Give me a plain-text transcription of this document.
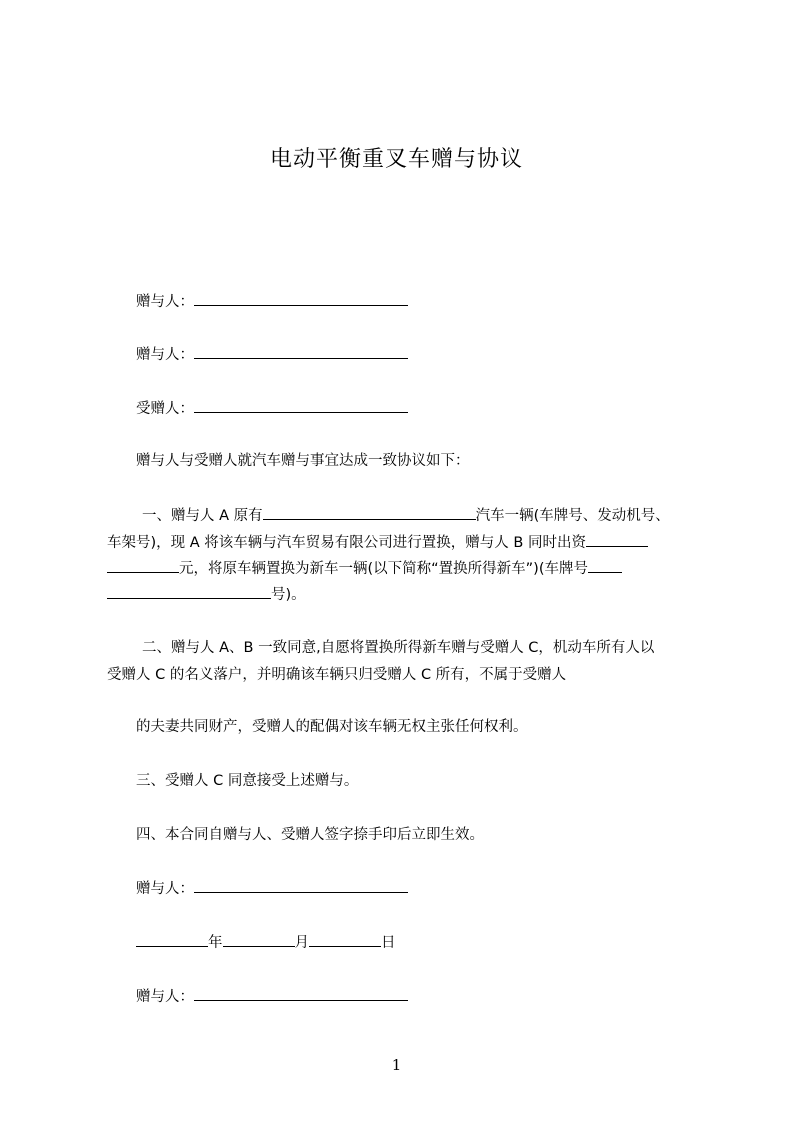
电动平衡重叉车赠与协议
赠与人：
赠与人：
受赠人：
赠与人与受赠人就汽车赠与事宜达成一致协议如下：
一、赠与人 A 原有	汽车一辆(车牌号、发动机号、
车架号)，现 A 将该车辆与汽车贸易有限公司进行置换，赠与人 B 同时出资
元，将原车辆置换为新车一辆(以下简称“置换所得新车”)(车牌号
号)。
二、赠与人 A、B 一致同意,自愿将置换所得新车赠与受赠人 C，机动车所有人以
受赠人 C 的名义落户，并明确该车辆只归受赠人 C 所有，不属于受赠人
的夫妻共同财产，受赠人的配偶对该车辆无权主张任何权利。
三、受赠人 C 同意接受上述赠与。
四、本合同自赠与人、受赠人签字捺手印后立即生效。
赠与人：
年	月	日
赠与人：
1
